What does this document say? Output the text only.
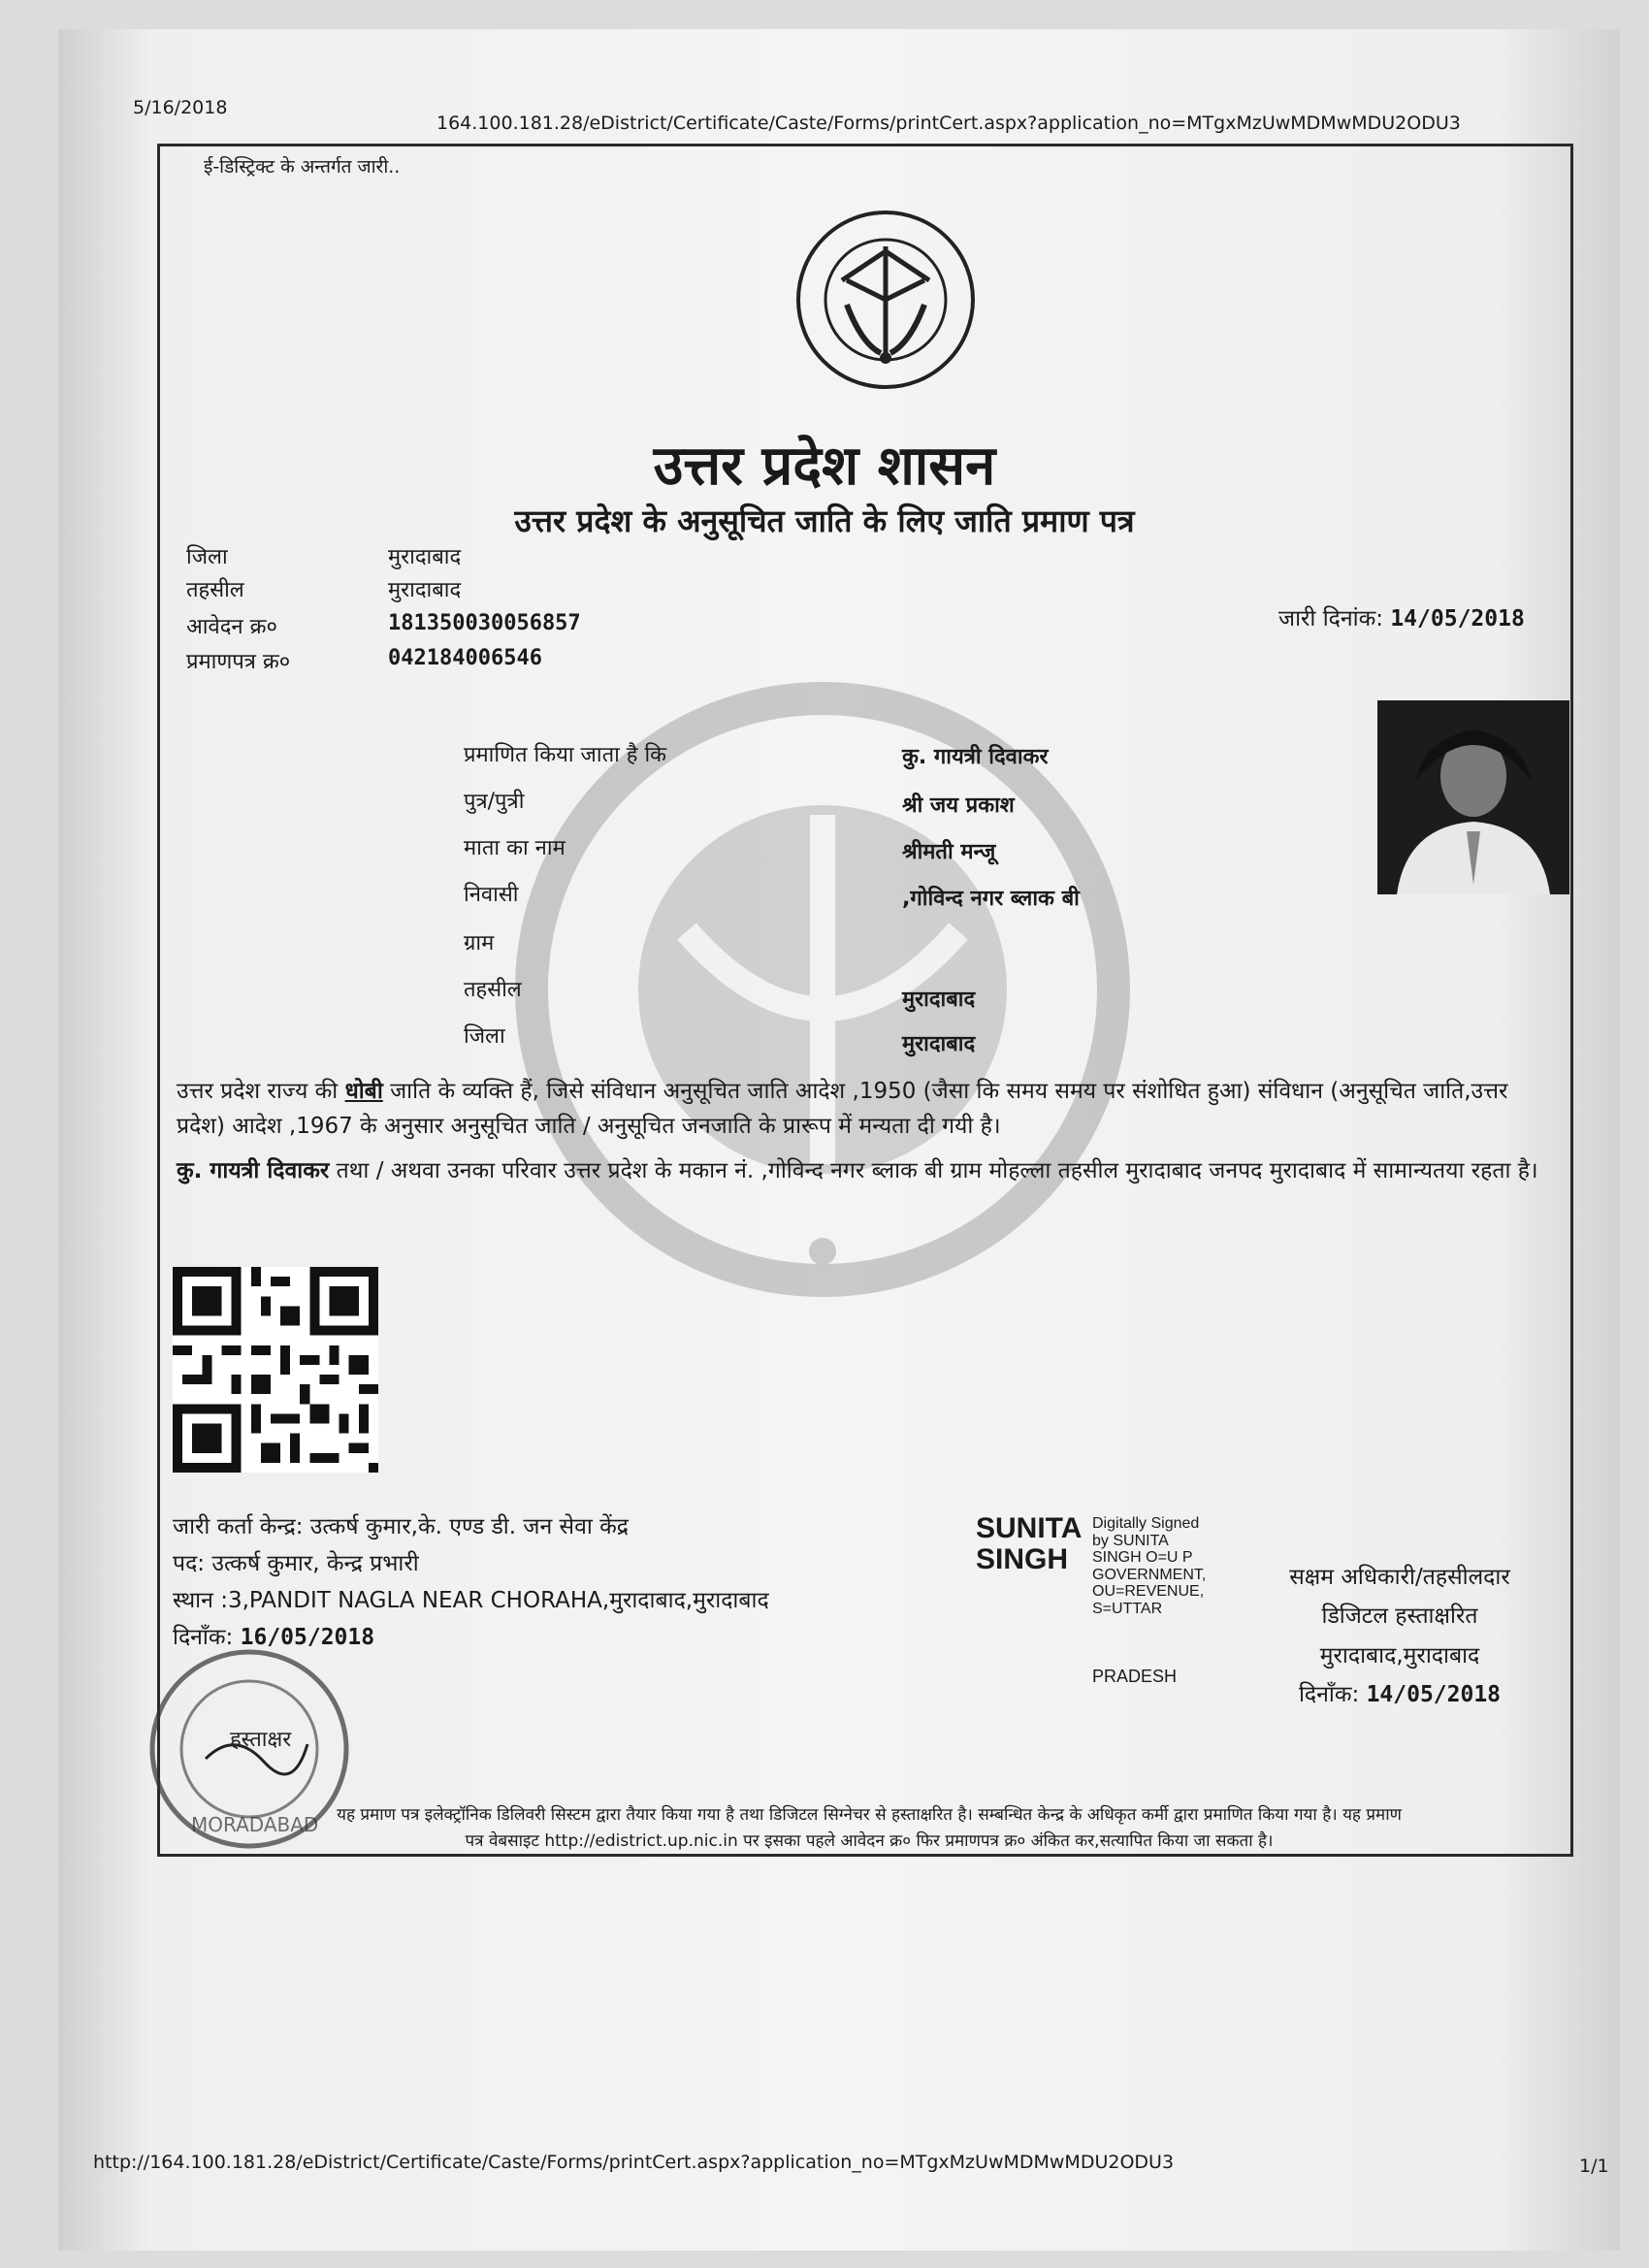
5/16/2018
164.100.181.28/eDistrict/Certificate/Caste/Forms/printCert.aspx?application_no=MTgxMzUwMDMwMDU2ODU3
ई-डिस्ट्रिक्ट के अन्तर्गत जारी..
उत्तर प्रदेश शासन
उत्तर प्रदेश के अनुसूचित जाति के लिए जाति प्रमाण पत्र
जिला	मुरादाबाद
तहसील	मुरादाबाद
आवेदन क्र०	181350030056857
प्रमाणपत्र क्र०	042184006546
जारी दिनांक: 14/05/2018
प्रमाणित किया जाता है कि	कु. गायत्री दिवाकर
पुत्र/पुत्री	श्री जय प्रकाश
माता का नाम	श्रीमती मन्जू
निवासी	,गोविन्द नगर ब्लाक बी
ग्राम
तहसील	मुरादाबाद
जिला	मुरादाबाद
उत्तर प्रदेश राज्य की धोबी जाति के व्यक्ति हैं, जिसे संविधान अनुसूचित जाति आदेश ,1950 (जैसा कि समय समय पर संशोधित हुआ) संविधान (अनुसूचित जाति,उत्तर प्रदेश) आदेश ,1967 के अनुसार अनुसूचित जाति / अनुसूचित जनजाति के प्रारूप में मन्यता दी गयी है।
कु. गायत्री दिवाकर तथा / अथवा उनका परिवार उत्तर प्रदेश के मकान नं. ,गोविन्द नगर ब्लाक बी ग्राम मोहल्ला तहसील मुरादाबाद जनपद मुरादाबाद में सामान्यतया रहता है।
जारी कर्ता केन्द्र: उत्कर्ष कुमार,के. एण्ड डी. जन सेवा केंद्र
पद: उत्कर्ष कुमार, केन्द्र प्रभारी
स्थान :3,PANDIT NAGLA NEAR CHORAHA,मुरादाबाद,मुरादाबाद
दिनाँक: 16/05/2018
SUNITA
SINGH
Digitally Signed
by SUNITA
SINGH O=U P
GOVERNMENT,
OU=REVENUE,
S=UTTAR
PRADESH
सक्षम अधिकारी/तहसीलदार
डिजिटल हस्ताक्षरित
मुरादाबाद,मुरादाबाद
दिनाँक: 14/05/2018
हस्ताक्षर
MORADABAD	यह प्रमाण पत्र इलेक्ट्रॉनिक डिलिवरी सिस्टम द्वारा तैयार किया गया है तथा डिजिटल सिग्नेचर से हस्ताक्षरित है। सम्बन्धित केन्द्र के अधिकृत कर्मी द्वारा प्रमाणित किया गया है। यह प्रमाण
पत्र वेबसाइट http://edistrict.up.nic.in पर इसका पहले आवेदन क्र० फिर प्रमाणपत्र क्र० अंकित कर,सत्यापित किया जा सकता है।
http://164.100.181.28/eDistrict/Certificate/Caste/Forms/printCert.aspx?application_no=MTgxMzUwMDMwMDU2ODU3	1/1
